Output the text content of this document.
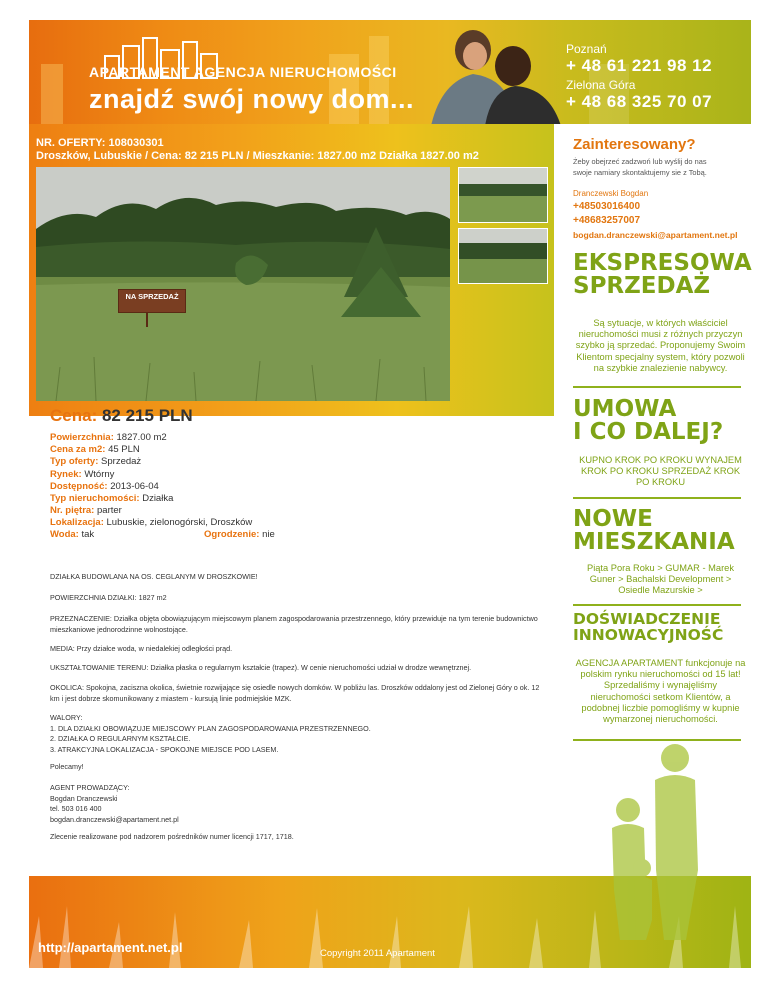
APARTAMENT AGENCJA NIERUCHOMOŚCI
znajdź swój nowy dom...
Poznań
+ 48 61 221 98 12
Zielona Góra
+ 48 68 325 70 07
NR. OFERTY: 108030301
Droszków, Lubuskie / Cena: 82 215 PLN / Mieszkanie: 1827.00 m2 Działka 1827.00 m2
NA SPRZEDAŻ
Cena: 82 215 PLN
Powierzchnia: 1827.00 m2
Cena za m2: 45 PLN
Typ oferty: Sprzedaż
Rynek: Wtórny
Dostępność: 2013-06-04
Typ nieruchomości: Działka
Nr. piętra: parter
Lokalizacja: Lubuskie, zielonogórski, Droszków
Woda: tak	Ogrodzenie: nie
DZIAŁKA BUDOWLANA NA OS. CEGLANYM W DROSZKOWIE!
POWIERZCHNIA DZIAŁKI: 1827 m2
PRZEZNACZENIE: Działka objęta obowiązującym miejscowym planem zagospodarowania przestrzennego, który przewiduje na tym terenie budownictwo mieszkaniowe jednorodzinne wolnostojące.
MEDIA: Przy działce woda, w niedalekiej odległości prąd.
UKSZTAŁTOWANIE TERENU: Działka płaska o regularnym kształcie (trapez). W cenie nieruchomości udział w drodze wewnętrznej.
OKOLICA: Spokojna, zaciszna okolica, świetnie rozwijające się osiedle nowych domków. W pobliżu las. Droszków oddalony jest od Zielonej Góry o ok. 12 km i jest dobrze skomunikowany z miastem - kursują linie podmiejskie MZK.
WALORY:
1. DLA DZIAŁKI OBOWIĄZUJE MIEJSCOWY PLAN ZAGOSPODAROWANIA PRZESTRZENNEGO.
2. DZIAŁKA O REGULARNYM KSZTAŁCIE.
3. ATRAKCYJNA LOKALIZACJA - SPOKOJNE MIEJSCE POD LASEM.
Polecamy!
AGENT PROWADZĄCY:
Bogdan Dranczewski
tel. 503 016 400
bogdan.dranczewski@apartament.net.pl
Zlecenie realizowane pod nadzorem pośredników numer licencji 1717, 1718.
Zainteresowany?
Żeby obejrzeć zadzwoń lub wyślij do nas swoje namiary skontaktujemy sie z Tobą.
Dranczewski Bogdan
+48503016400
+48683257007
bogdan.dranczewski@apartament.net.pl
EKSPRESOWA
SPRZEDAŻ
Są sytuacje, w których właściciel nieruchomości musi z różnych przyczyn szybko ją sprzedać. Proponujemy Swoim Klientom specjalny system, który pozwoli na szybkie znalezienie nabywcy.
UMOWA
I CO DALEJ?
KUPNO KROK PO KROKU WYNAJEM KROK PO KROKU SPRZEDAŻ KROK PO KROKU
NOWE
MIESZKANIA
Piąta Pora Roku > GUMAR - Marek Guner > Bachalski Development > Osiedle Mazurskie >
DOŚWIADCZENIE
INNOWACYJNOŚĆ
AGENCJA APARTAMENT funkcjonuje na polskim rynku nieruchomości od 15 lat! Sprzedaliśmy i wynajęliśmy nieruchomości setkom Klientów, a podobnej liczbie pomogliśmy w kupnie wymarzonej nieruchomości.
http://apartament.net.pl	Copyright 2011 Apartament
